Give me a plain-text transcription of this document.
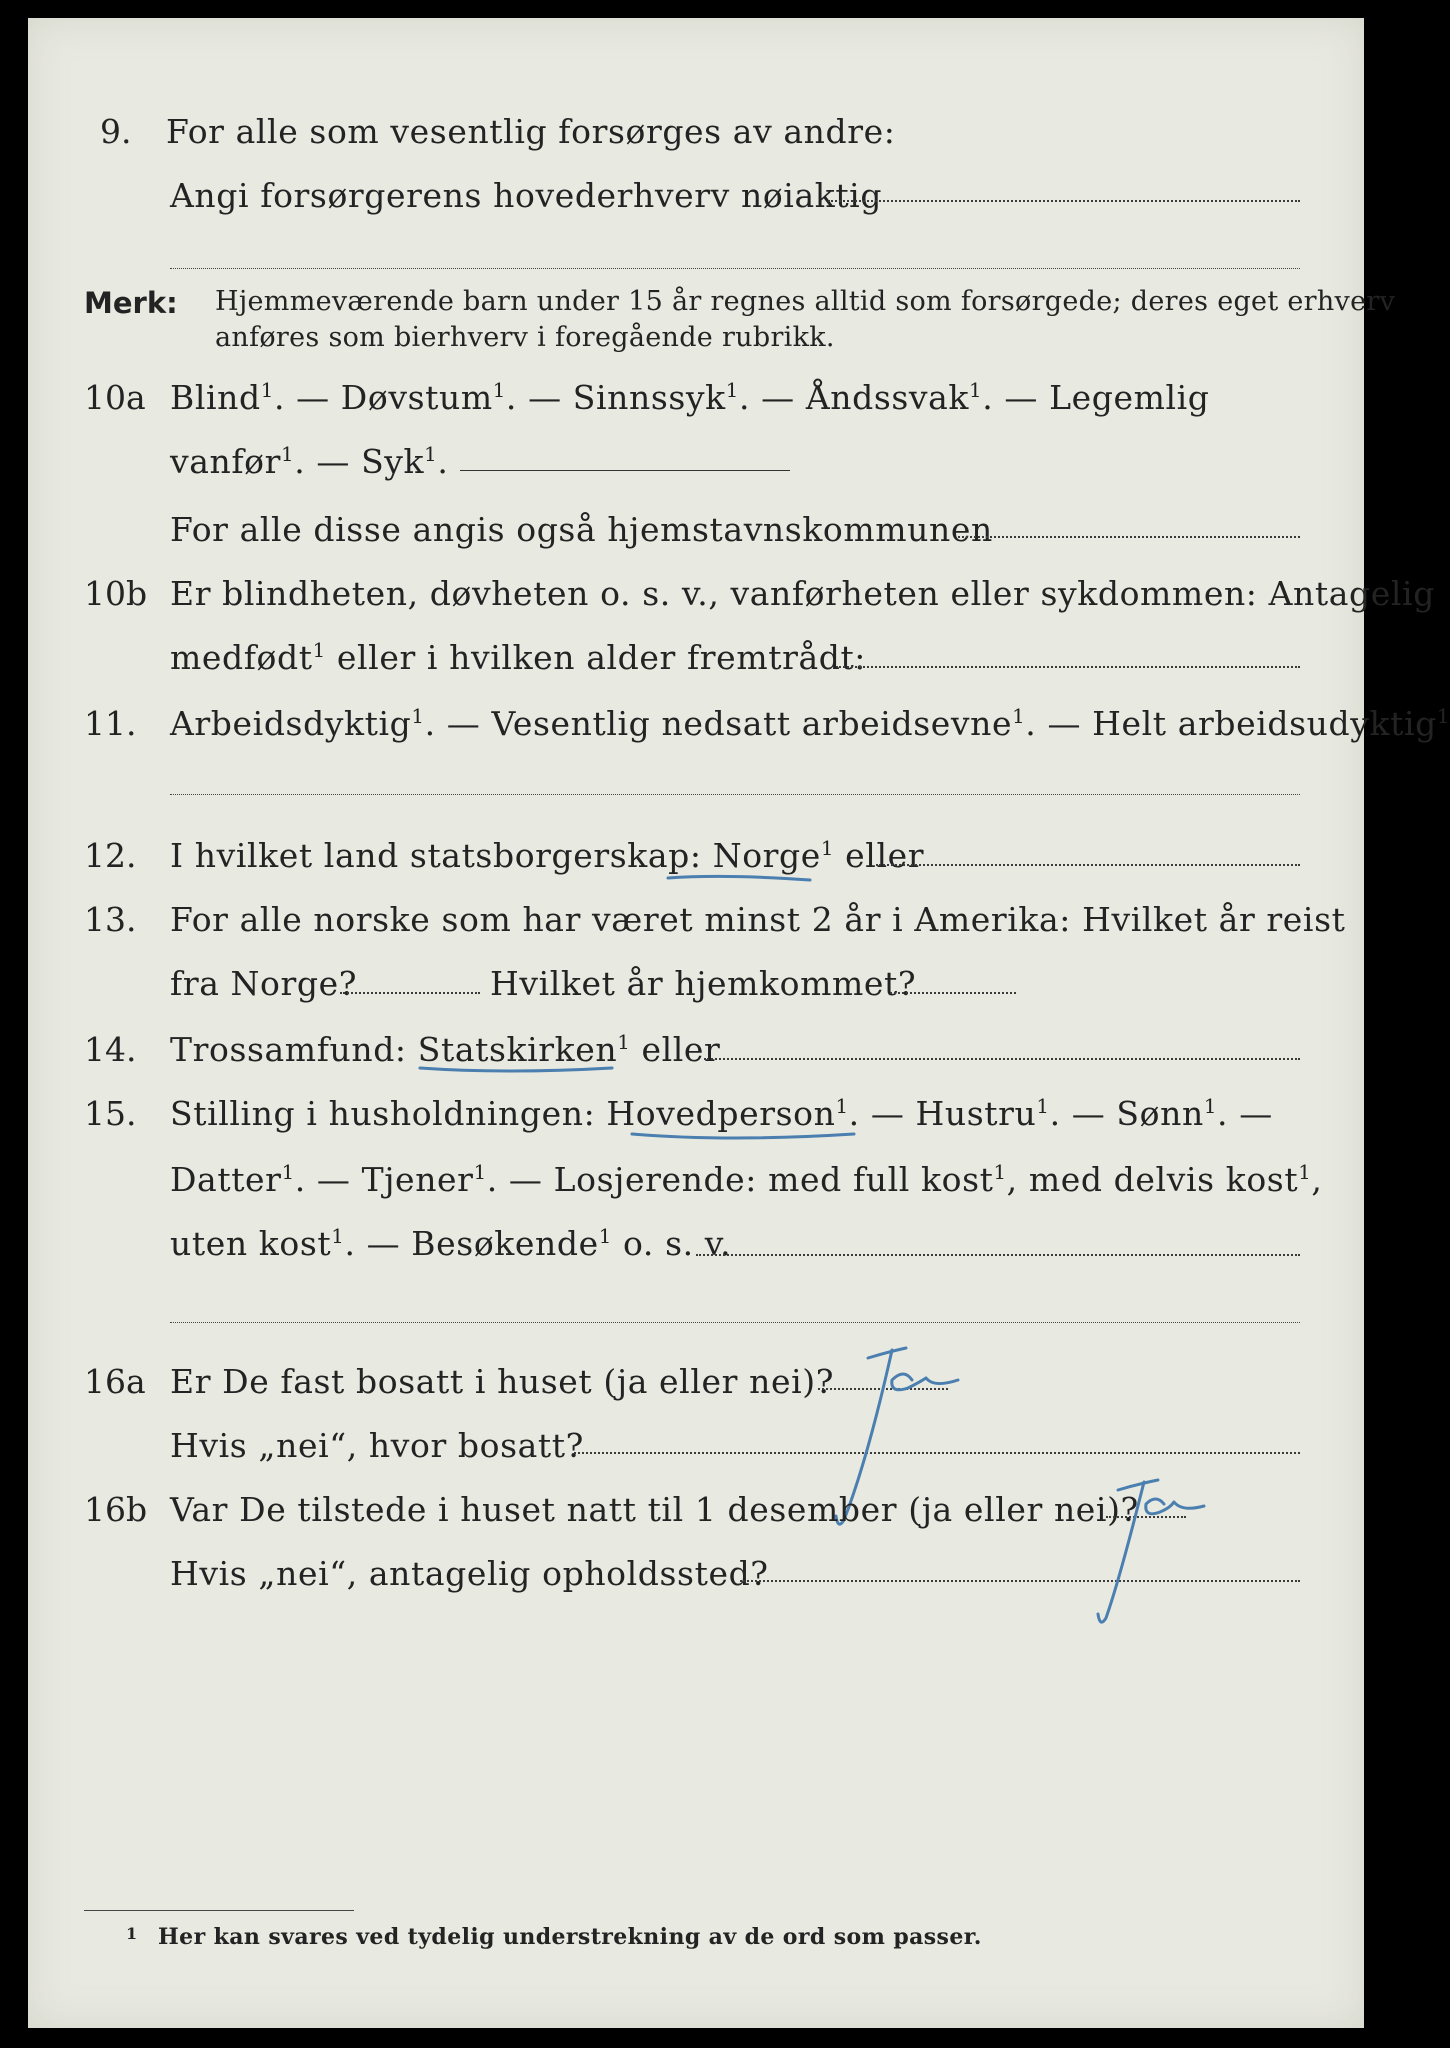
9. For alle som vesentlig forsørges av andre:
Angi forsørgerens hovederhverv nøiaktig
Merk: Hjemmeværende barn under 15 år regnes alltid som forsørgede; deres eget erhverv
anføres som bierhverv i foregående rubrikk.
10a Blind$^1$. — Døvstum$^1$. — Sinnssyk$^1$. — Åndssvak$^1$. — Legemlig
vanfør$^1$. — Syk$^1$.
For alle disse angis også hjemstavnskommunen
10b Er blindheten, døvheten o. s. v., vanførheten eller sykdommen: Antagelig
medfødt$^1$ eller i hvilken alder fremtrådt:
11. Arbeidsdyktig$^1$. — Vesentlig nedsatt arbeidsevne$^1$. — Helt arbeidsudyktig$^1$
12. I hvilket land statsborgerskap: Norge$^1$ eller
13. For alle norske som har været minst 2 år i Amerika: Hvilket år reist
fra Norge?	Hvilket år hjemkommet?
14. Trossamfund: Statskirken$^1$ eller
15. Stilling i husholdningen: Hovedperson$^1$. — Hustru$^1$. — Sønn$^1$. —
Datter$^1$. — Tjener$^1$. — Losjerende: med full kost$^1$, med delvis kost$^1$,
uten kost$^1$. — Besøkende$^1$ o. s. v.
16a Er De fast bosatt i huset (ja eller nei)?
Hvis „nei“, hvor bosatt?
16b Var De tilstede i huset natt til 1 desember (ja eller nei)?
Hvis „nei“, antagelig opholdssted?
1 Her kan svares ved tydelig understrekning av de ord som passer.
